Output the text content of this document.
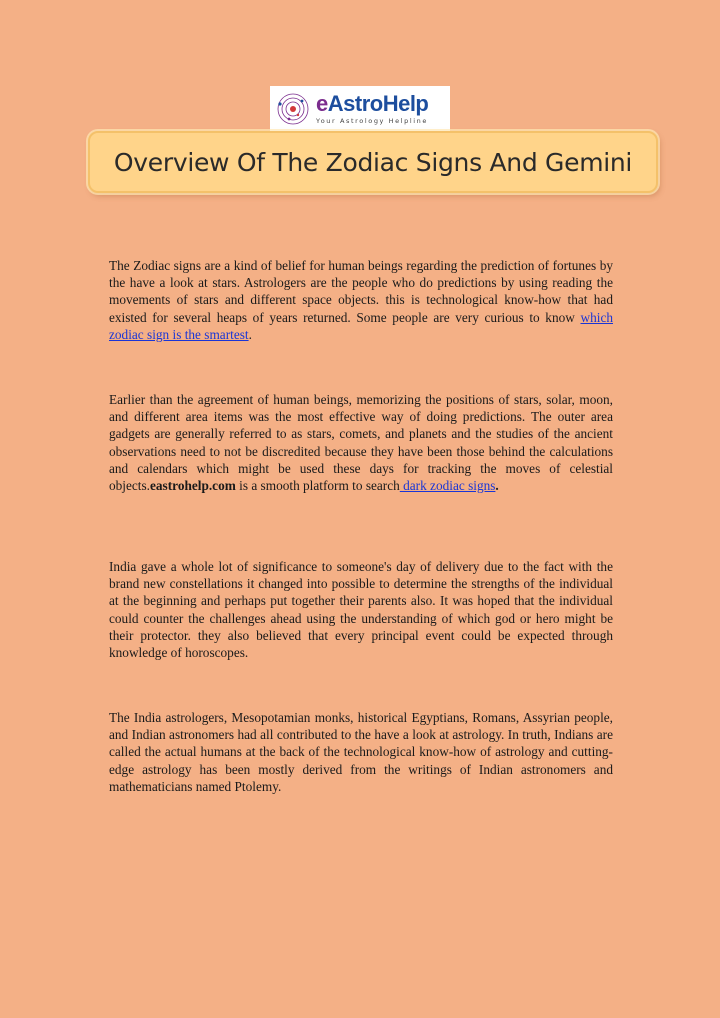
eAstroHelp
Your Astrology Helpline
Overview Of The Zodiac Signs And Gemini

The Zodiac signs are a kind of belief for human beings regarding the prediction of fortunes by the have a look at stars. Astrologers are the people who do predictions by using reading the movements of stars and different space objects. this is technological know-how that had existed for several heaps of years returned. Some people are very curious to know which zodiac sign is the smartest.

Earlier than the agreement of human beings, memorizing the positions of stars, solar, moon, and different area items was the most effective way of doing predictions. The outer area gadgets are generally referred to as stars, comets, and planets and the studies of the ancient observations need to not be discredited because they have been those behind the calculations and calendars which might be used these days for tracking the moves of celestial objects.eastrohelp.com is a smooth platform to search dark zodiac signs.

India gave a whole lot of significance to someone's day of delivery due to the fact with the brand new constellations it changed into possible to determine the strengths of the individual at the beginning and perhaps put together their parents also. It was hoped that the individual could counter the challenges ahead using the understanding of which god or hero might be their protector. they also believed that every principal event could be expected through knowledge of horoscopes.

The India astrologers, Mesopotamian monks, historical Egyptians, Romans, Assyrian people, and Indian astronomers had all contributed to the have a look at astrology. In truth, Indians are called the actual humans at the back of the technological know-how of astrology and cutting-edge astrology has been mostly derived from the writings of Indian astronomers and mathematicians named Ptolemy.
